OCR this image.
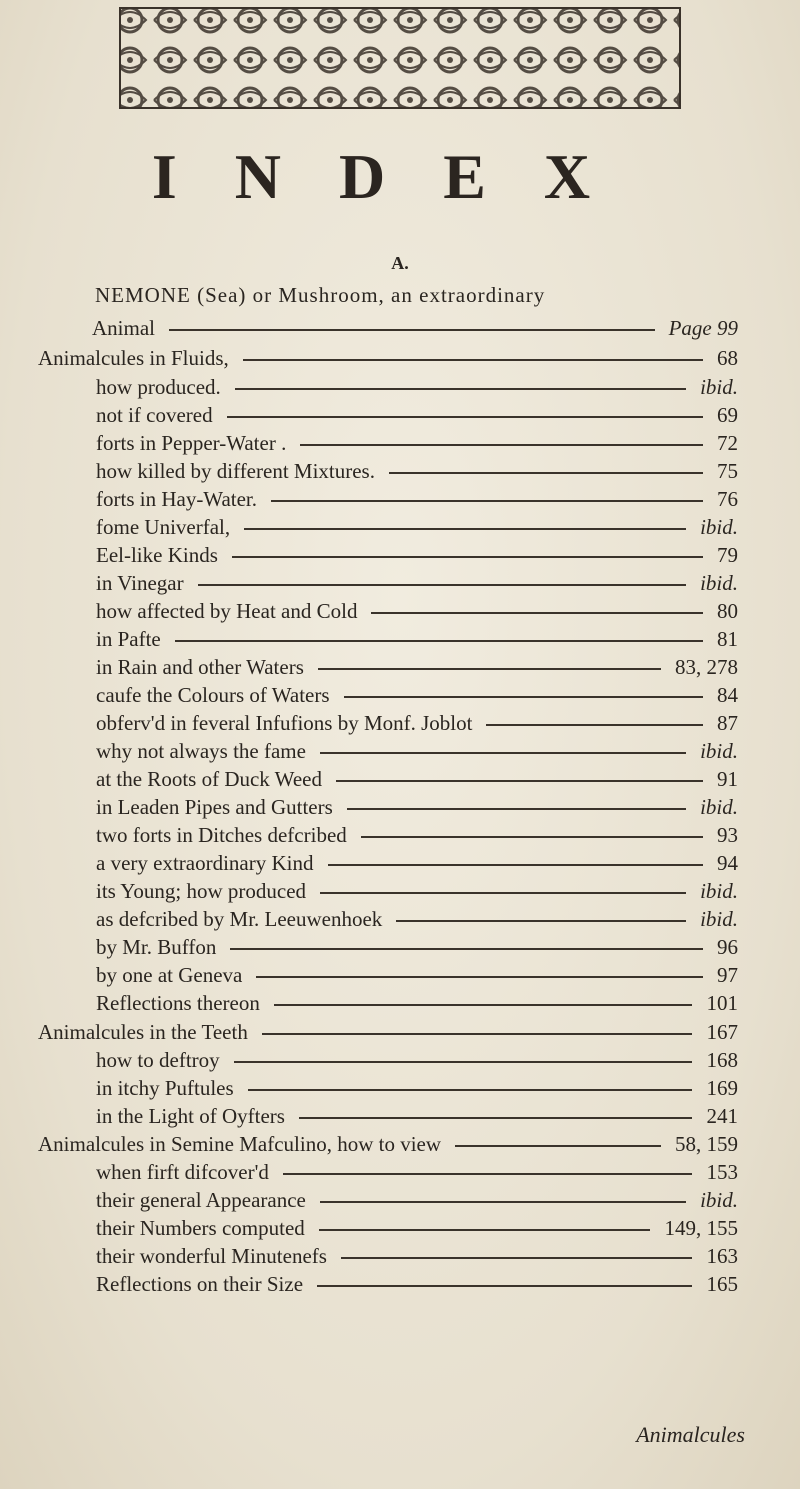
INDEX
A.
NEMONE (Sea) or Mushroom, an extraordinary
Animal	Page 99
Animalcules in Fluids,	68
how produced.	ibid.
not if covered	69
forts in Pepper-Water .	72
how killed by different Mixtures.	75
forts in Hay-Water.	76
fome Univerfal,	ibid.
Eel-like Kinds	79
in Vinegar	ibid.
how affected by Heat and Cold	80
in Pafte	81
in Rain and other Waters	83, 278
caufe the Colours of Waters	84
obferv'd in feveral Infufions by Monf. Joblot	87
why not always the fame	ibid.
at the Roots of Duck Weed	91
in Leaden Pipes and Gutters	ibid.
two forts in Ditches defcribed	93
a very extraordinary Kind	94
its Young; how produced	ibid.
as defcribed by Mr. Leeuwenhoek	ibid.
by Mr. Buffon	96
by one at Geneva	97
Reflections thereon	101
Animalcules in the Teeth	167
how to deftroy	168
in itchy Puftules	169
in the Light of Oyfters	241
Animalcules in Semine Mafculino, how to view	58, 159
when firft difcover'd	153
their general Appearance	ibid.
their Numbers computed	149, 155
their wonderful Minutenefs	163
Reflections on their Size	165
Animalcules
